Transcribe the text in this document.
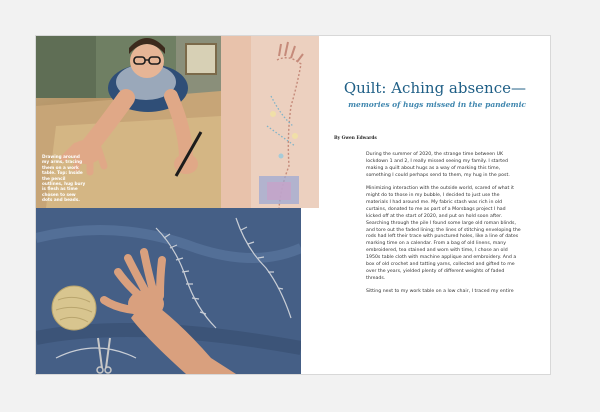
Drawing around my arms, tracing them on a work table. Top: Inside the pencil outlines, hug bury is flesh as time chosen to sew dots and beads.

Quilt: Aching absence—
memories of hugs missed in the pandemic

By Gwen Edwards

During the summer of 2020, the strange time between UK lockdown 1 and 2, I really missed seeing my family. I started making a quilt about hugs as a way of marking this time, something I could perhaps send to them, my hug in the post.

Minimizing interaction with the outside world, scared of what it might do to those in my bubble, I decided to just use the materials I had around me. My fabric stash was rich in old curtains, donated to me as part of a Morsbags project I had kicked off at the start of 2020, and put on hold soon after. Searching through the pile I found some large old roman blinds, and tore out the faded lining; the lines of stitching enveloping the rods had left their trace with punctured holes, like a line of dates marking time on a calendar. From a bag of old linens, many embroidered, tea stained and worn with time, I chose an old 1950s table cloth with machine applique and embroidery. And a box of old crochet and tatting yarns, collected and gifted to me over the years, yielded plenty of different weights of faded threads.

Sitting next to my work table on a low chair, I traced my entire
